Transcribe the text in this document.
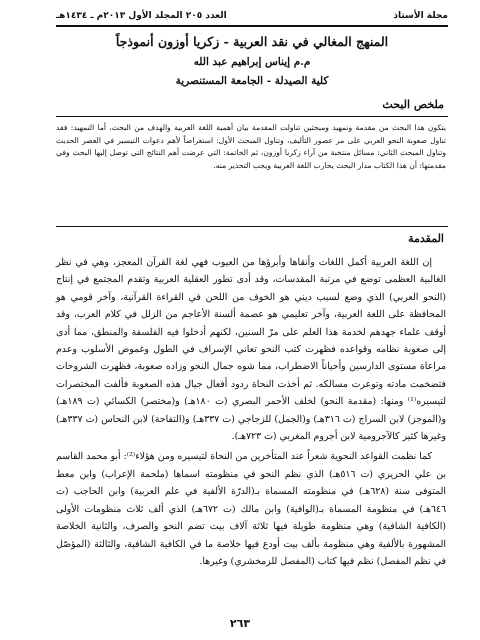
مجلة الأستاذ
العدد ٢٠٥ المجلد الأول ٢٠١٣م ـ ١٤٣٤هـ
المنهج المغالي في نقد العربية - زكريا أوزون أنموذجاً
م.م إيناس إبراهيم عبد الله
كلية الصيدلة - الجامعة المستنصرية
ملخص البحث
يتكون هذا البحث من مقدمة وتمهيد ومبحثين تناولت المقدمة بيان أهمية اللغة العربية والهدف من البحث، أما التمهيد: فقد تناول صعوبة النحو العربي على مر عصور التأليف، وتناول المبحث الأول: استعراضاً لأهم دعوات التيسير في العصر الحديث وتناول المبحث الثاني: مسائل منتخبة من آراء زكريا أوزون، ثم الخاتمة: التي عرضت أهم النتائج التي توصل إليها البحث وفي مقدمتها: أن هذا الكتاب مدار البحث يحارب اللغة العربية ويجب التحذير منه.
المقدمة

إن اللغة العربية أكمل اللغات وأنقاها وأبرؤها من العيوب فهي لغة القرآن المعجز، وهي في نظر الغالبية العظمى توضع في مرتبة المقدسات، وقد أدى تطور العقلية العربية وتقدم المجتمع في إنتاج (النحو العربي) الذي وضع لسبب ديني هو الخوف من اللحن في القراءة القرآنية، وآخر قومي هو المحافظة على اللغة العربية، وآخر تعليمي هو عصمة ألسنة الأعاجم من الزلل في كلام العرب، وقد أوقف علماء جهدهم لخدمة هذا العلم على مرّ السنين، لكنهم أدخلوا فيه الفلسفة والمنطق، مما أدى إلى صعوبة نظامه وقواعده فظهرت كتب النحو تعاني الإسراف في الطول وغموض الأسلوب وعدم مراعاة مستوى الدارسين وأحياناً الاضطراب، مما شوه جمال النحو وزاده صعوبة، فظهرت الشروحات فتضخمت مادته وتوعرت مسالكه. ثم أخذت النحاة ردود أفعال جيال هذه الصعوبة فألفت المختصرات لتيسيره⁽¹⁾ ومنها: (مقدمة النحو) لخلف الأحمر البصري (ت ١٨٠هـ) و(مختصر) الكسائي (ت ١٨٩هـ) و(الموجز) لابن السراج (ت ٣١٦هـ) و(الجمل) للزجاجي (ت ٣٣٧هـ) و(التفاحة) لابن النحاس (ت ٣٣٧هـ) وغيرها كثير كالآجرومية لابن أجروم المغربي (ت ٧٢٣هـ).

كما نظمت القواعد النحوية شعراً عند المتأخرين من النحاة لتيسيره ومن هؤلاء⁽²⁾: أبو محمد القاسم بن علي الحريري (ت ٥١٦هـ) الذي نظم النحو في منظومته اسماها (ملحمة الإعراب) وابن معط المتوفى سنة (٦٢٨هـ) في منظومته المسماة بـ(الدرّة الألفية في علم العربية) وابن الحاجب (ت ٦٤٦هـ) في منظومة المسماة بـ(الوافية) وابن مالك (ت ٦٧٢هـ) الذي ألف ثلاث منظومات الأولى (الكافية الشافية) وهي منظومة طويلة فيها ثلاثة آلاف بيت تضم النحو والصرف، والثانية الخلاصة المشهورة بالألفية وهي منظومة بألف بيت أودع فيها خلاصة ما في الكافية الشافية، والثالثة (المؤصّل في نظم المفصل) نظم فيها كتاب (المفصل للزمخشري) وغيرها.

٢٦٣
